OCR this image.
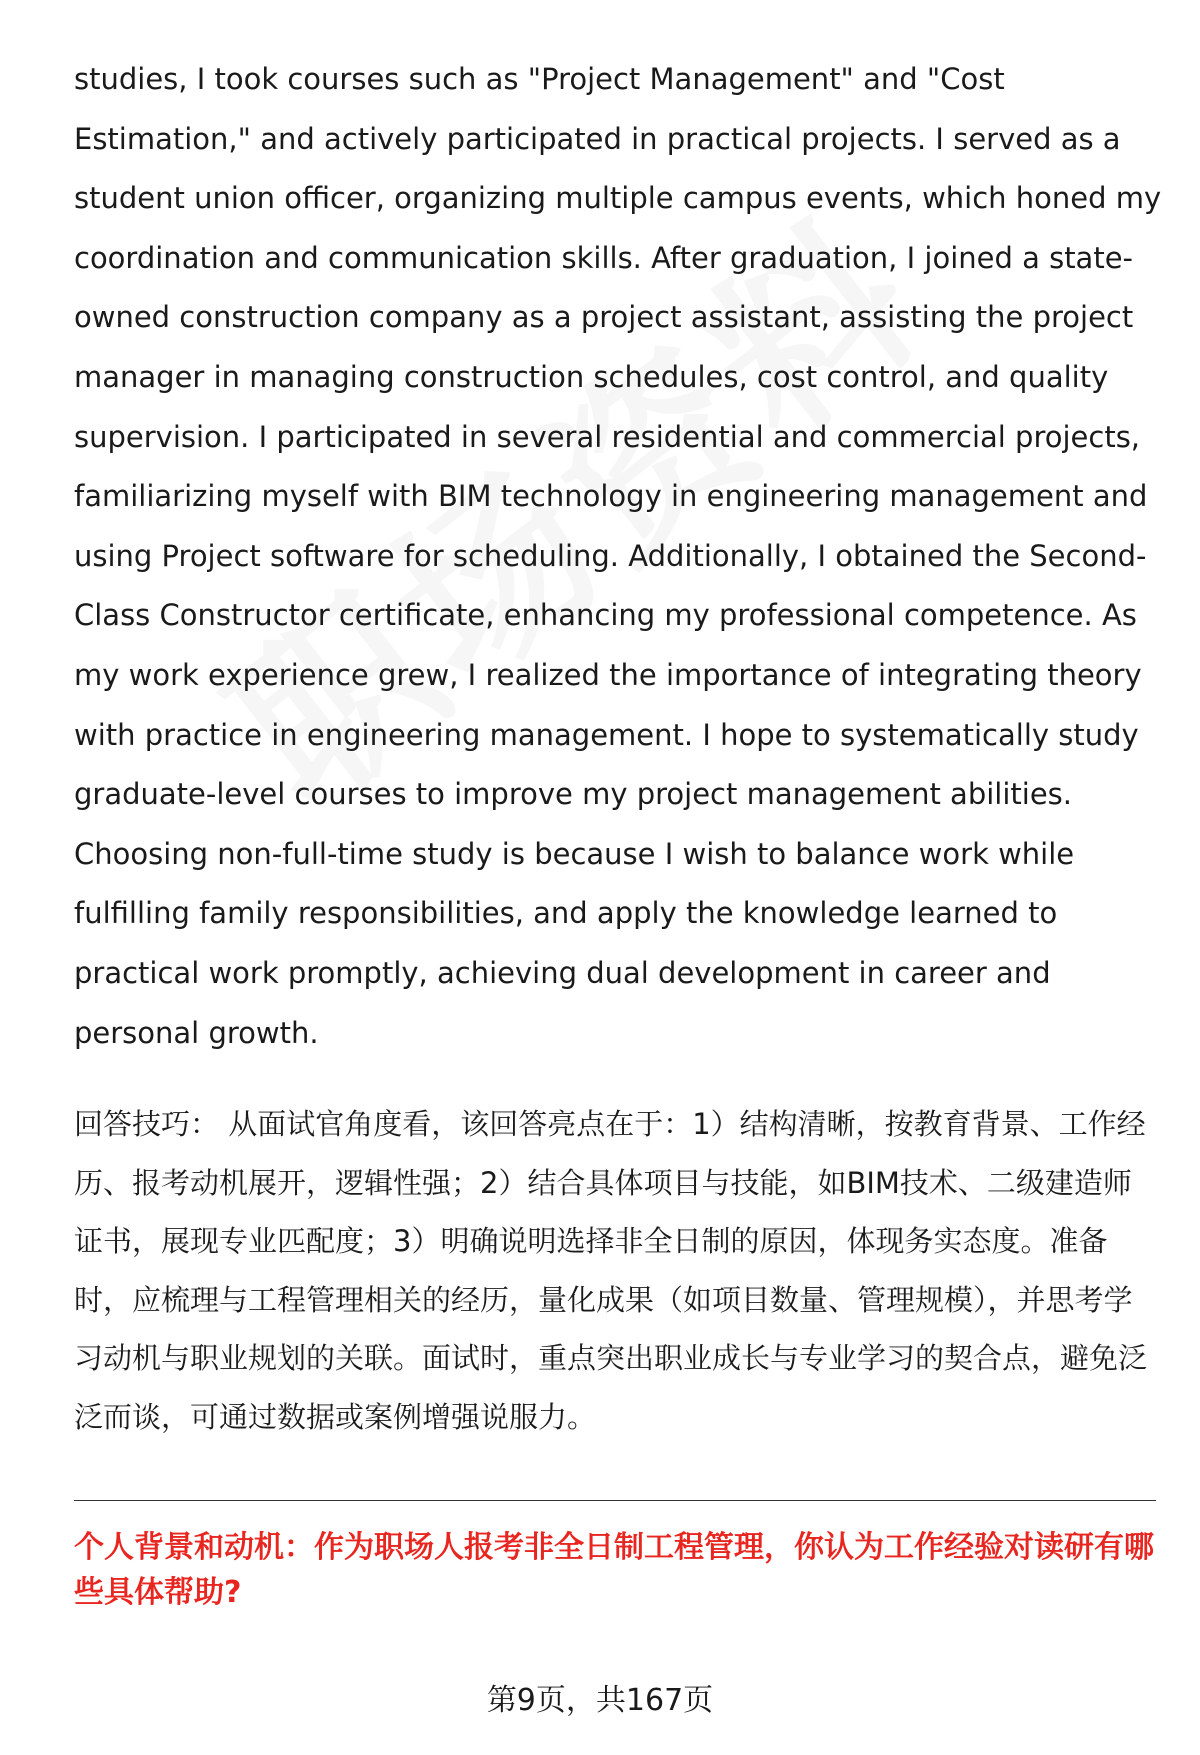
studies, I took courses such as "Project Management" and "Cost Estimation," and actively participated in practical projects. I served as a student union officer, organizing multiple campus events, which honed my coordination and communication skills. After graduation, I joined a state-owned construction company as a project assistant, assisting the project manager in managing construction schedules, cost control, and quality supervision. I participated in several residential and commercial projects, familiarizing myself with BIM technology in engineering management and using Project software for scheduling. Additionally, I obtained the Second-Class Constructor certificate, enhancing my professional competence. As my work experience grew, I realized the importance of integrating theory with practice in engineering management. I hope to systematically study graduate-level courses to improve my project management abilities. Choosing non-full-time study is because I wish to balance work while fulfilling family responsibilities, and apply the knowledge learned to practical work promptly, achieving dual development in career and personal growth.

回答技巧： 从面试官角度看，该回答亮点在于：1）结构清晰，按教育背景、工作经历、报考动机展开，逻辑性强；2）结合具体项目与技能，如BIM技术、二级建造师证书，展现专业匹配度；3）明确说明选择非全日制的原因，体现务实态度。准备时，应梳理与工程管理相关的经历，量化成果（如项目数量、管理规模），并思考学习动机与职业规划的关联。面试时，重点突出职业成长与专业学习的契合点，避免泛泛而谈，可通过数据或案例增强说服力。

个人背景和动机：作为职场人报考非全日制工程管理，你认为工作经验对读研有哪些具体帮助?

第9页，共167页
